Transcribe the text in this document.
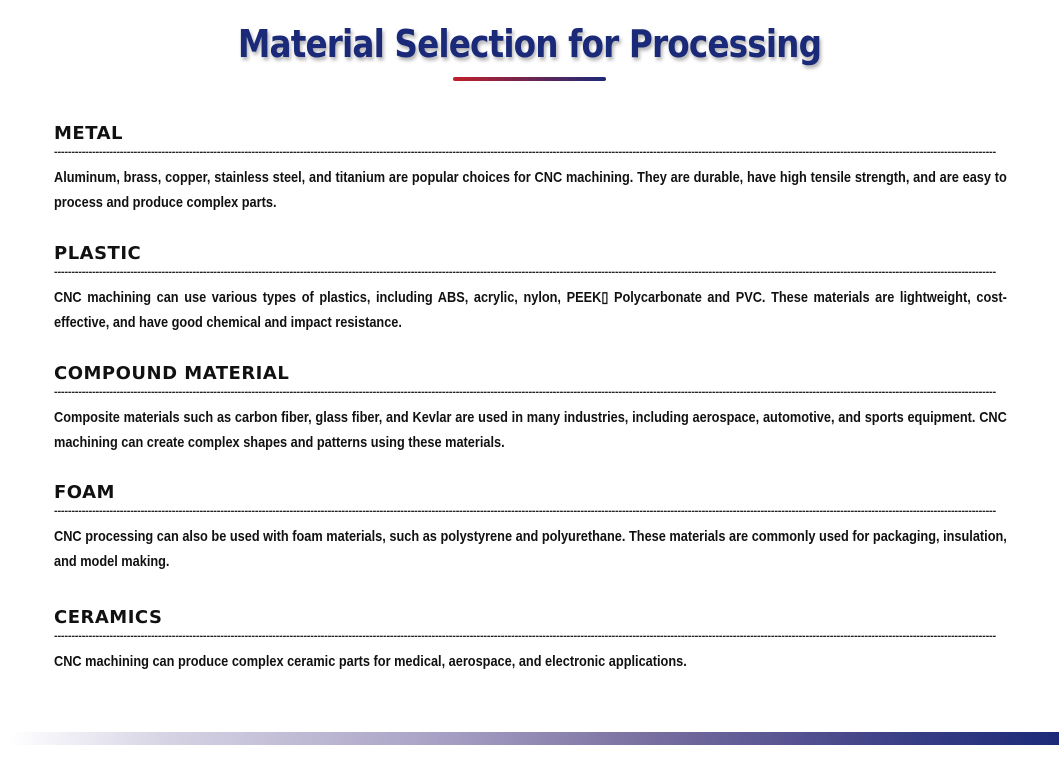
Material Selection for Processing
METAL
--------------------------------------------------------------------------------------------------------------------------------------------------------------------------------------------------------------------------------------------------------------------------------
Aluminum, brass, copper, stainless steel, and titanium are popular choices for CNC machining. They are durable, have high tensile strength, and are easy to process and produce complex parts.
PLASTIC
--------------------------------------------------------------------------------------------------------------------------------------------------------------------------------------------------------------------------------------------------------------------------------
CNC machining can use various types of plastics, including ABS, acrylic, nylon, PEEK▯ Polycarbonate and PVC. These materials are lightweight, cost-effective, and have good chemical and impact resistance.
COMPOUND MATERIAL
--------------------------------------------------------------------------------------------------------------------------------------------------------------------------------------------------------------------------------------------------------------------------------
Composite materials such as carbon fiber, glass fiber, and Kevlar are used in many industries, including aerospace, automotive, and sports equipment. CNC machining can create complex shapes and patterns using these materials.
FOAM
--------------------------------------------------------------------------------------------------------------------------------------------------------------------------------------------------------------------------------------------------------------------------------
CNC processing can also be used with foam materials, such as polystyrene and polyurethane. These materials are commonly used for packaging, insulation, and model making.
CERAMICS
--------------------------------------------------------------------------------------------------------------------------------------------------------------------------------------------------------------------------------------------------------------------------------
CNC machining can produce complex ceramic parts for medical, aerospace, and electronic applications.
